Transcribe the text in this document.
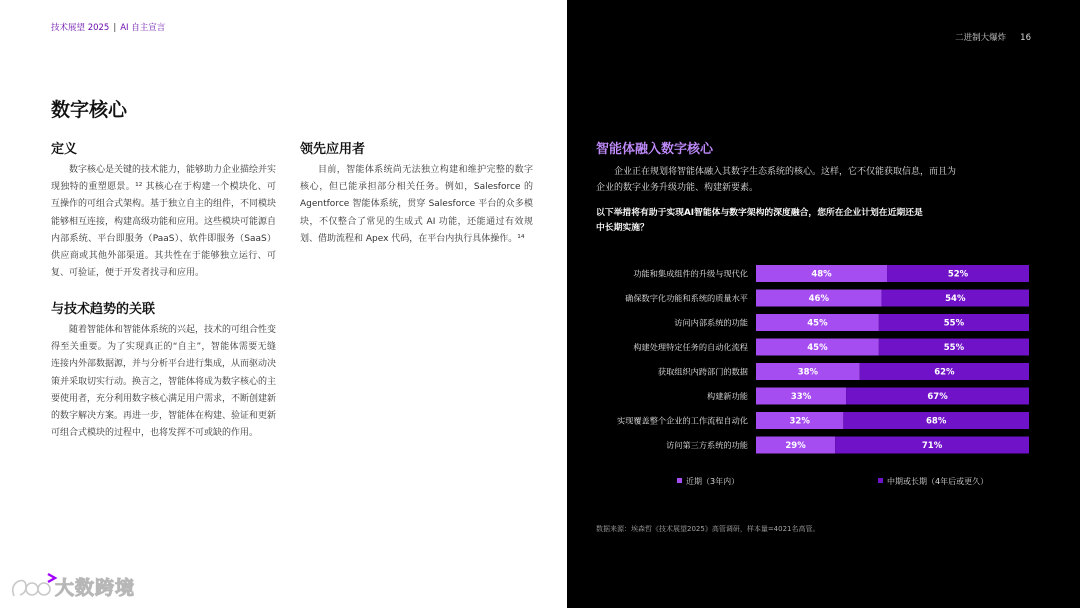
技术展望 2025 | AI 自主宣言
数字核心
定义
数字核心是关键的技术能力，能够助力企业描绘并实现独特的重塑愿景。¹² 其核心在于构建一个模块化、可互操作的可组合式架构。基于独立自主的组件，不同模块能够相互连接，构建高级功能和应用。这些模块可能源自内部系统、平台即服务（PaaS）、软件即服务（SaaS）供应商或其他外部渠道。其共性在于能够独立运行、可复、可验证，便于开发者找寻和应用。
与技术趋势的关联
随着智能体和智能体系统的兴起，技术的可组合性变得至关重要。为了实现真正的“自主”，智能体需要无缝连接内外部数据源，并与分析平台进行集成，从而驱动决策并采取切实行动。换言之，智能体将成为数字核心的主要使用者，充分利用数字核心满足用户需求，不断创建新的数字解决方案。再进一步，智能体在构建、验证和更新可组合式模块的过程中，也将发挥不可或缺的作用。
领先应用者
目前，智能体系统尚无法独立构建和维护完整的数字核心，但已能承担部分相关任务。例如，Salesforce 的 Agentforce 智能体系统，贯穿 Salesforce 平台的众多模块，不仅整合了常见的生成式 AI 功能，还能通过有效规划、借助流程和 Apex 代码，在平台内执行具体操作。¹⁴
二进制大爆炸 16
智能体融入数字核心
企业正在规划将智能体融入其数字生态系统的核心。这样，它不仅能获取信息，而且为企业的数字业务升级功能、构建新要素。
以下举措将有助于实现AI智能体与数字架构的深度融合，您所在企业计划在近期还是中长期实施？
功能和集成组件的升级与现代化	48%	52%
确保数字化功能和系统的质量水平	46%	54%
访问内部系统的功能	45%	55%
构建处理特定任务的自动化流程	45%	55%
获取组织内跨部门的数据	38%	62%
构建新功能	33%	67%
实现覆盖整个企业的工作流程自动化	32%	68%
访问第三方系统的功能	29%	71%
近期（3年内）	中期或长期（4年后或更久）
数据来源：埃森哲《技术展望2025》高管调研，样本量=4021名高管。
大数跨境
